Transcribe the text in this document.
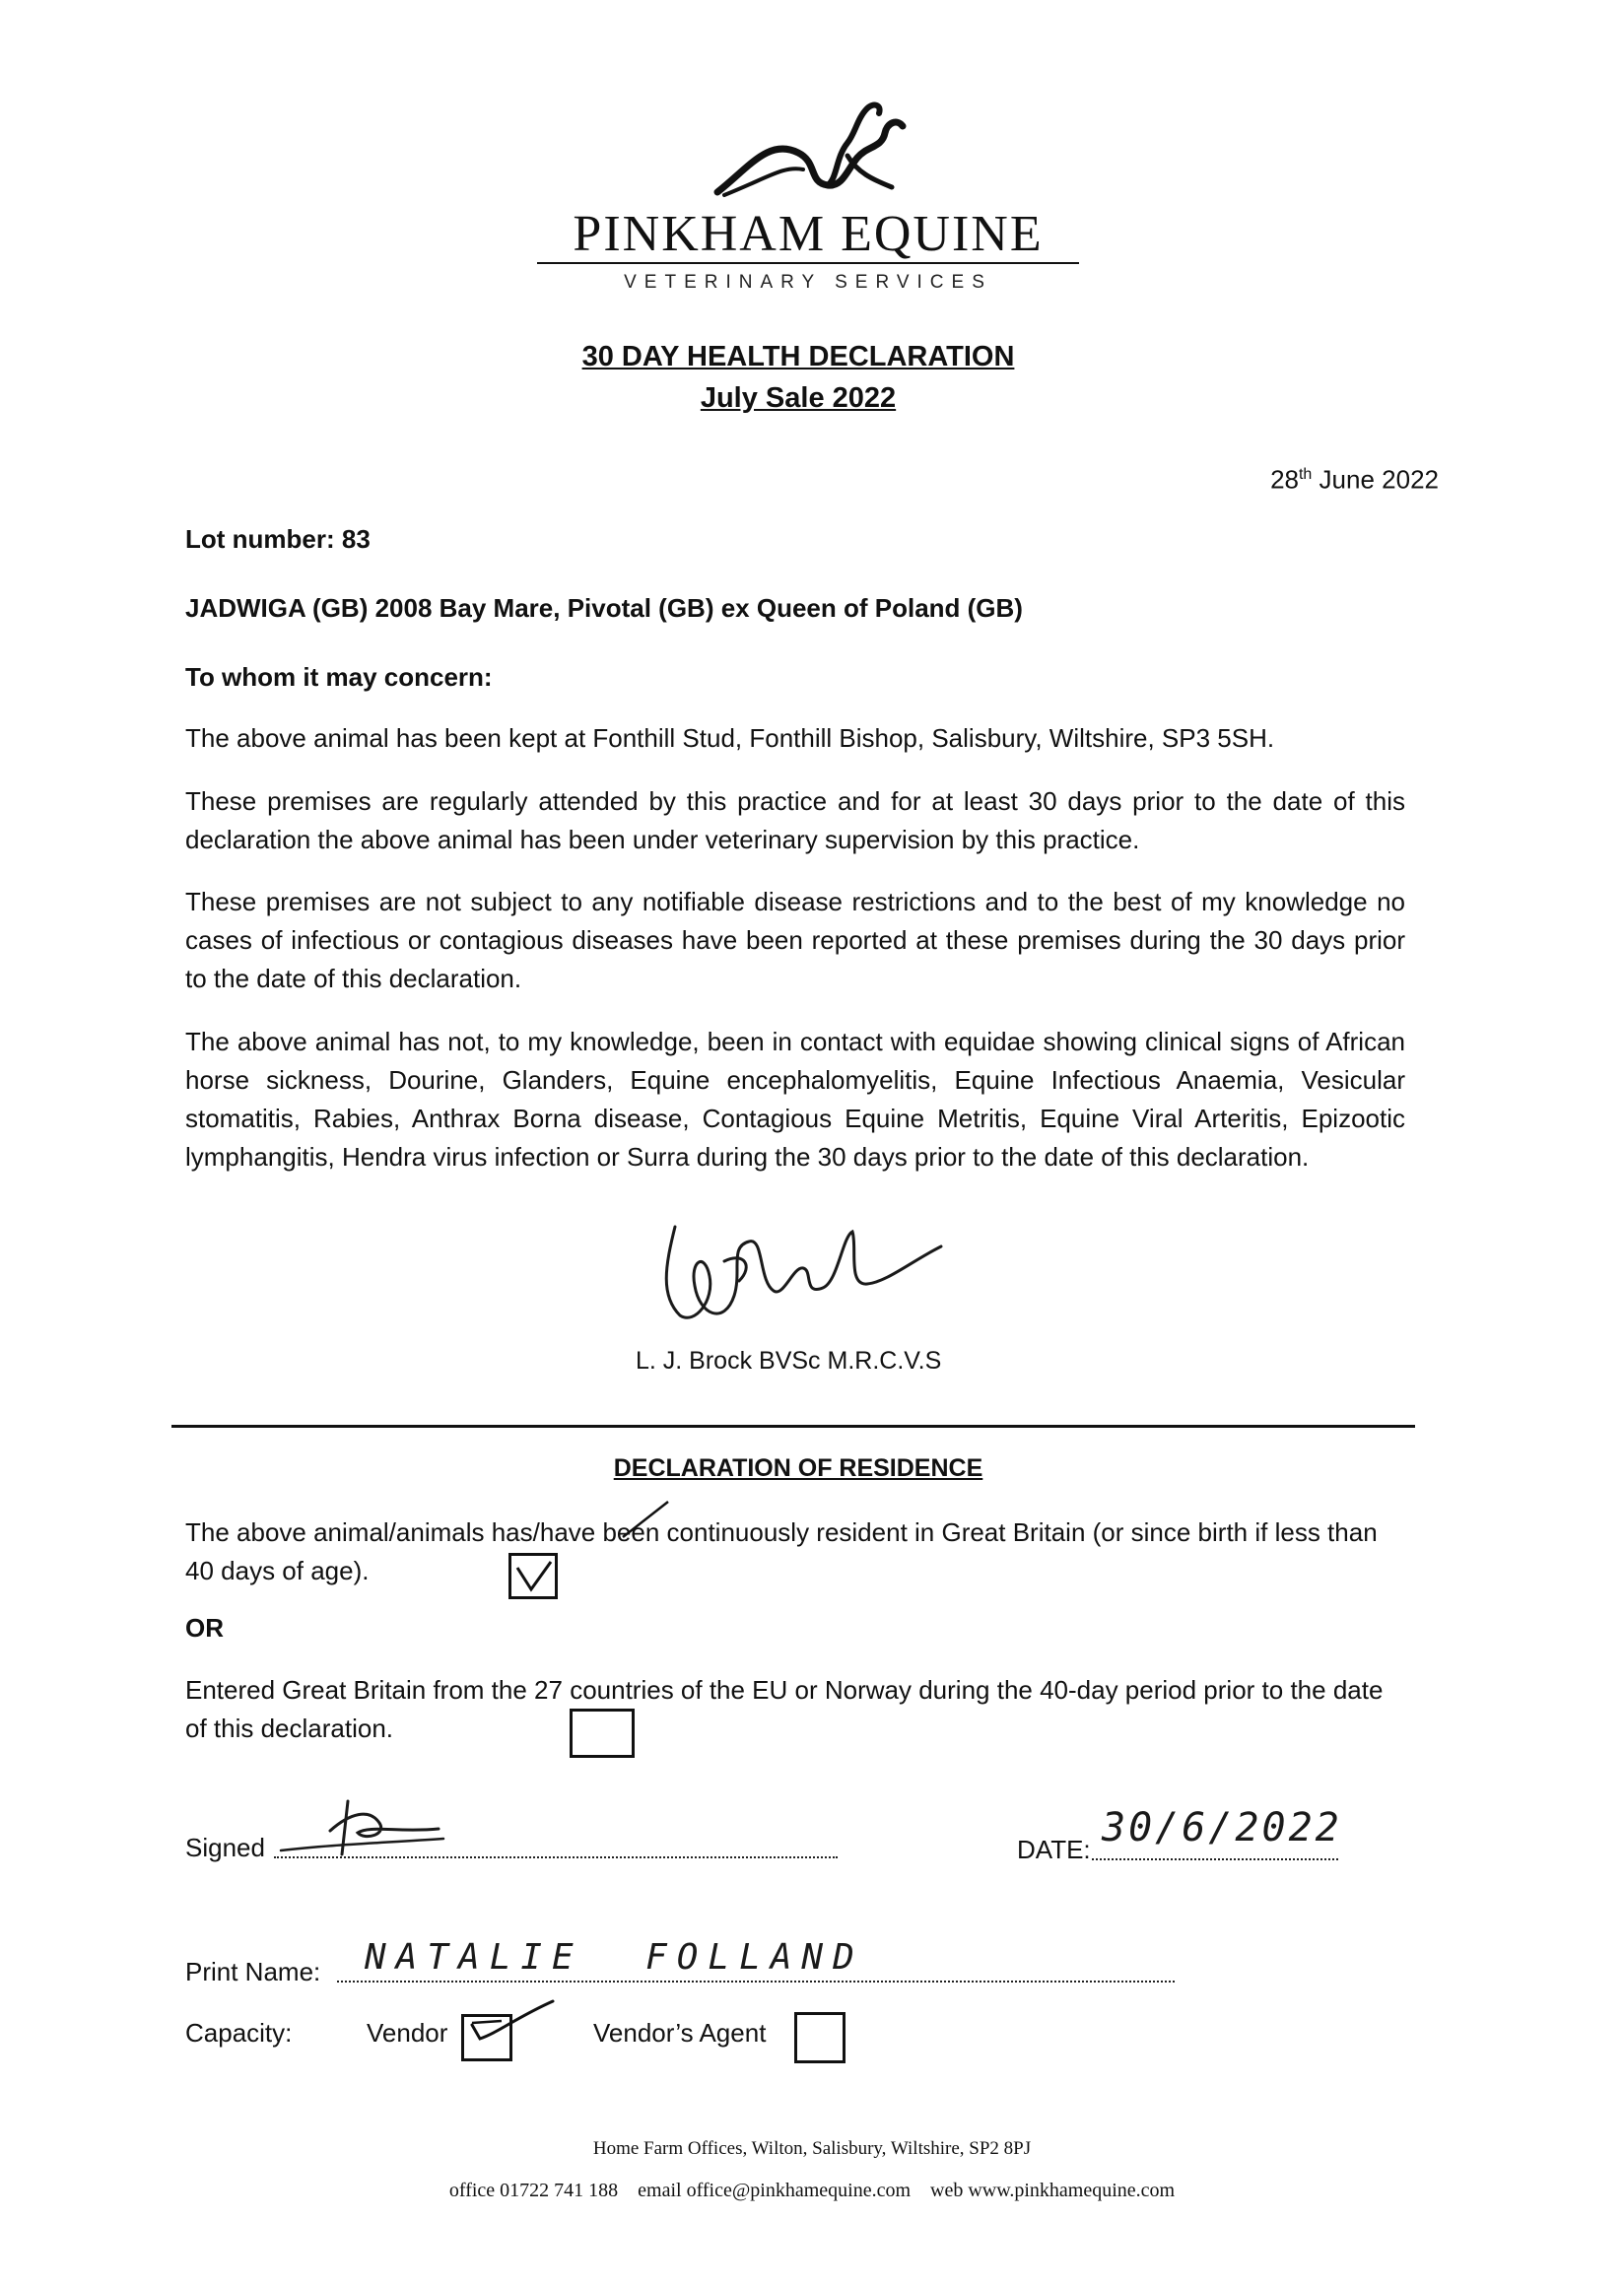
PINKHAM EQUINE
VETERINARY SERVICES
30 DAY HEALTH DECLARATION
July Sale 2022
28th June 2022
Lot number: 83
JADWIGA (GB) 2008 Bay Mare, Pivotal (GB) ex Queen of Poland (GB)
To whom it may concern:
The above animal has been kept at Fonthill Stud, Fonthill Bishop, Salisbury, Wiltshire, SP3 5SH.
These premises are regularly attended by this practice and for at least 30 days prior to the date of this declaration the above animal has been under veterinary supervision by this practice.
These premises are not subject to any notifiable disease restrictions and to the best of my knowledge no cases of infectious or contagious diseases have been reported at these premises during the 30 days prior to the date of this declaration.
The above animal has not, to my knowledge, been in contact with equidae showing clinical signs of African horse sickness, Dourine, Glanders, Equine encephalomyelitis, Equine Infectious Anaemia, Vesicular stomatitis, Rabies, Anthrax Borna disease, Contagious Equine Metritis, Equine Viral Arteritis, Epizootic lymphangitis, Hendra virus infection or Surra during the 30 days prior to the date of this declaration.
L. J. Brock BVSc M.R.C.V.S
DECLARATION OF RESIDENCE
The above animal/animals has/have been continuously resident in Great Britain (or since birth if less than 40 days of age).
OR
Entered Great Britain from the 27 countries of the EU or Norway during the 40-day period prior to the date of this declaration.
Signed	DATE: 30/6/2022
Print Name: NATALIE  FOLLAND
Capacity:	Vendor	Vendor’s Agent
Home Farm Offices, Wilton, Salisbury, Wiltshire, SP2 8PJ
office 01722 741 188    email office@pinkhamequine.com    web www.pinkhamequine.com
